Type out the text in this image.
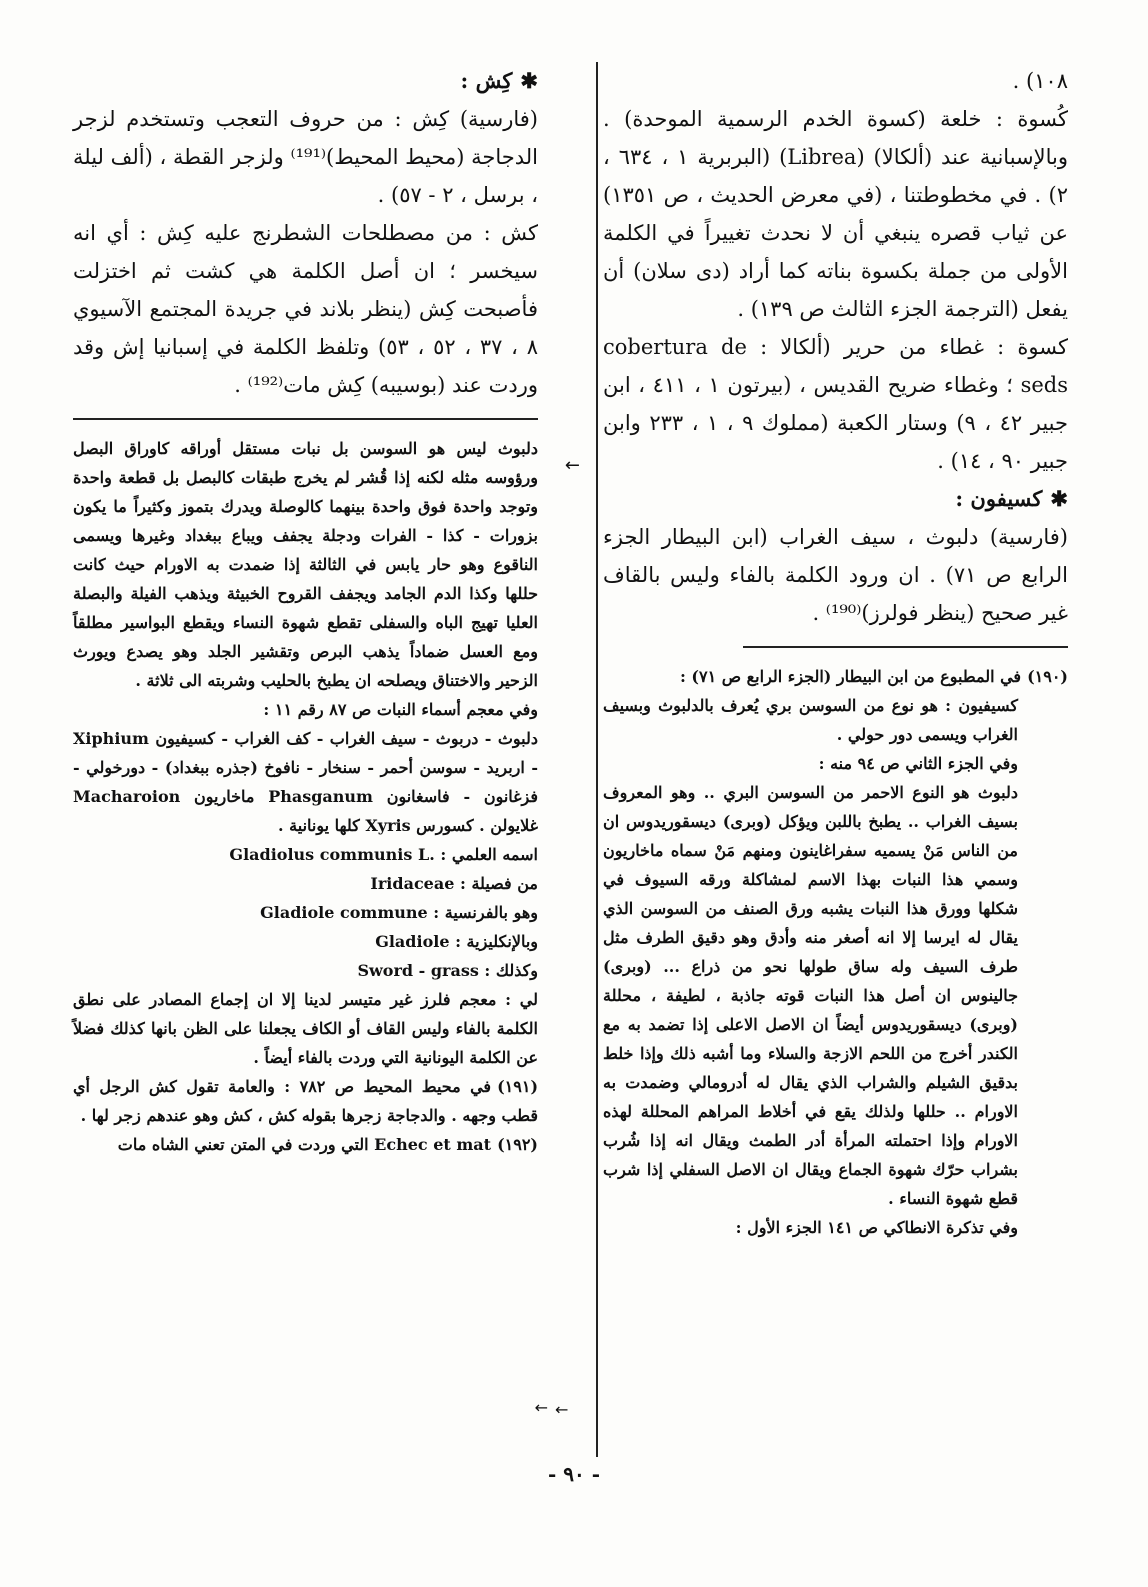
١٠٨) .

كُسوة : خلعة (كسوة الخدم الرسمية الموحدة) . وبالإسبانية عند (ألكالا) (Librea) (البربرية ١ ، ٦٣٤ ، ٢) . في مخطوطتنا ، (في معرض الحديث ، ص ١٣٥١) عن ثياب قصره ينبغي أن لا نحدث تغييراً في الكلمة الأولى من جملة بكسوة بناته كما أراد (دى سلان) أن يفعل (الترجمة الجزء الثالث ص ١٣٩) .

كسوة : غطاء من حرير (ألكالا : cobertura de seds ؛ وغطاء ضريح القديس ، (بيرتون ١ ، ٤١١ ، ابن جبير ٤٢ ، ٩) وستار الكعبة (مملوك ٩ ، ١ ، ٢٣٣ وابن جبير ٩٠ ، ١٤) .

✱كسيفون :

(فارسية) دلبوث ، سيف الغراب (ابن البيطار الجزء الرابع ص ٧١) . ان ورود الكلمة بالفاء وليس بالقاف غير صحيح (ينظر فولرز)⁽¹⁹⁰⁾ .

(١٩٠)في المطبوع من ابن البيطار (الجزء الرابع ص ٧١) :

كسيفيون : هو نوع من السوسن بري يُعرف بالدلبوث وبسيف الغراب ويسمى دور حولي .

وفي الجزء الثاني ص ٩٤ منه :

دلبوث هو النوع الاحمر من السوسن البري .. وهو المعروف بسيف الغراب .. يطبخ باللبن ويؤكل (وبرى) ديسقوريدوس ان من الناس مَنْ يسميه سفراغاينون ومنهم مَنْ سماه ماخاريون وسمي هذا النبات بهذا الاسم لمشاكلة ورقه السيوف في شكلها وورق هذا النبات يشبه ورق الصنف من السوسن الذي يقال له ايرسا إلا انه أصغر منه وأدق وهو دقيق الطرف مثل طرف السيف وله ساق طولها نحو من ذراع ... (وبرى) جالينوس ان أصل هذا النبات قوته جاذبة ، لطيفة ، محللة (وبرى) ديسقوريدوس أيضاً ان الاصل الاعلى إذا تضمد به مع الكندر أخرج من اللحم الازجة والسلاء وما أشبه ذلك وإذا خلط بدقيق الشيلم والشراب الذي يقال له أدرومالي وضمدت به الاورام .. حللها ولذلك يقع في أخلاط المراهم المحللة لهذه الاورام وإذا احتملته المرأة أدر الطمث ويقال انه إذا شُرب بشراب حرّك شهوة الجماع ويقال ان الاصل السفلي إذا شرب قطع شهوة النساء .

وفي تذكرة الانطاكي ص ١٤١ الجزء الأول :

✱كِش :

(فارسية) كِش : من حروف التعجب وتستخدم لزجر الدجاجة (محيط المحيط)⁽¹⁹¹⁾ ولزجر القطة ، (ألف ليلة ، برسل ، ٢ - ٥٧) .

كش : من مصطلحات الشطرنج عليه كِش : أي انه سيخسر ؛ ان أصل الكلمة هي كشت ثم اختزلت فأصبحت كِش (ينظر بلاند في جريدة المجتمع الآسيوي ٨ ، ٣٧ ، ٥٢ ، ٥٣) وتلفظ الكلمة في إسبانيا إش وقد وردت عند (بوسيبه) كِش مات⁽¹⁹²⁾ .

دلبوث ليس هو السوسن بل نبات مستقل أوراقه كاوراق البصل ورؤوسه مثله لكنه إذا قُشر لم يخرج طبقات كالبصل بل قطعة واحدة وتوجد واحدة فوق واحدة بينهما كالوصلة ويدرك بتموز وكثيراً ما يكون بزورات - كذا - الفرات ودجلة يجفف ويباع ببغداد وغيرها ويسمى الناقوع وهو حار يابس في الثالثة إذا ضمدت به الاورام حيث كانت حللها وكذا الدم الجامد ويجفف القروح الخبيثة ويذهب الفيلة والبصلة العليا تهيج الباه والسفلى تقطع شهوة النساء ويقطع البواسير مطلقاً ومع العسل ضماداً يذهب البرص وتقشير الجلد وهو يصدع ويورث الزحير والاختناق ويصلحه ان يطبخ بالحليب وشربته الى ثلاثة .

وفي معجم أسماء النبات ص ٨٧ رقم ١١ :

دلبوث - دربوث - سيف الغراب - كف الغراب - كسيفيون Xiphium - اربريد - سوسن أحمر - سنخار - نافوخ (جذره ببغداد) - دورخولي - فزغانون - فاسغانون Phasganum ماخاريون Macharoion غلايولن . كسورس Xyris كلها يونانية .

اسمه العلمي : .Gladiolus communis L

من فصيلة : Iridaceae

وهو بالفرنسية : Gladiole commune

وبالإنكليزية : Gladiole

وكذلك : Sword - grass

لي : معجم فلرز غير متيسر لدينا إلا ان إجماع المصادر على نطق الكلمة بالفاء وليس القاف أو الكاف يجعلنا على الظن بانها كذلك فضلاً عن الكلمة اليونانية التي وردت بالفاء أيضاً .

(١٩١)في محيط المحيط ص ٧٨٢ : والعامة تقول كش الرجل أي قطب وجهه . والدجاجة زجرها بقوله كش ، كش وهو عندهم زجر لها .

(١٩٢)Echec et mat التي وردت في المتن تعني الشاه مات

←
←
←
- ٩٠ -
